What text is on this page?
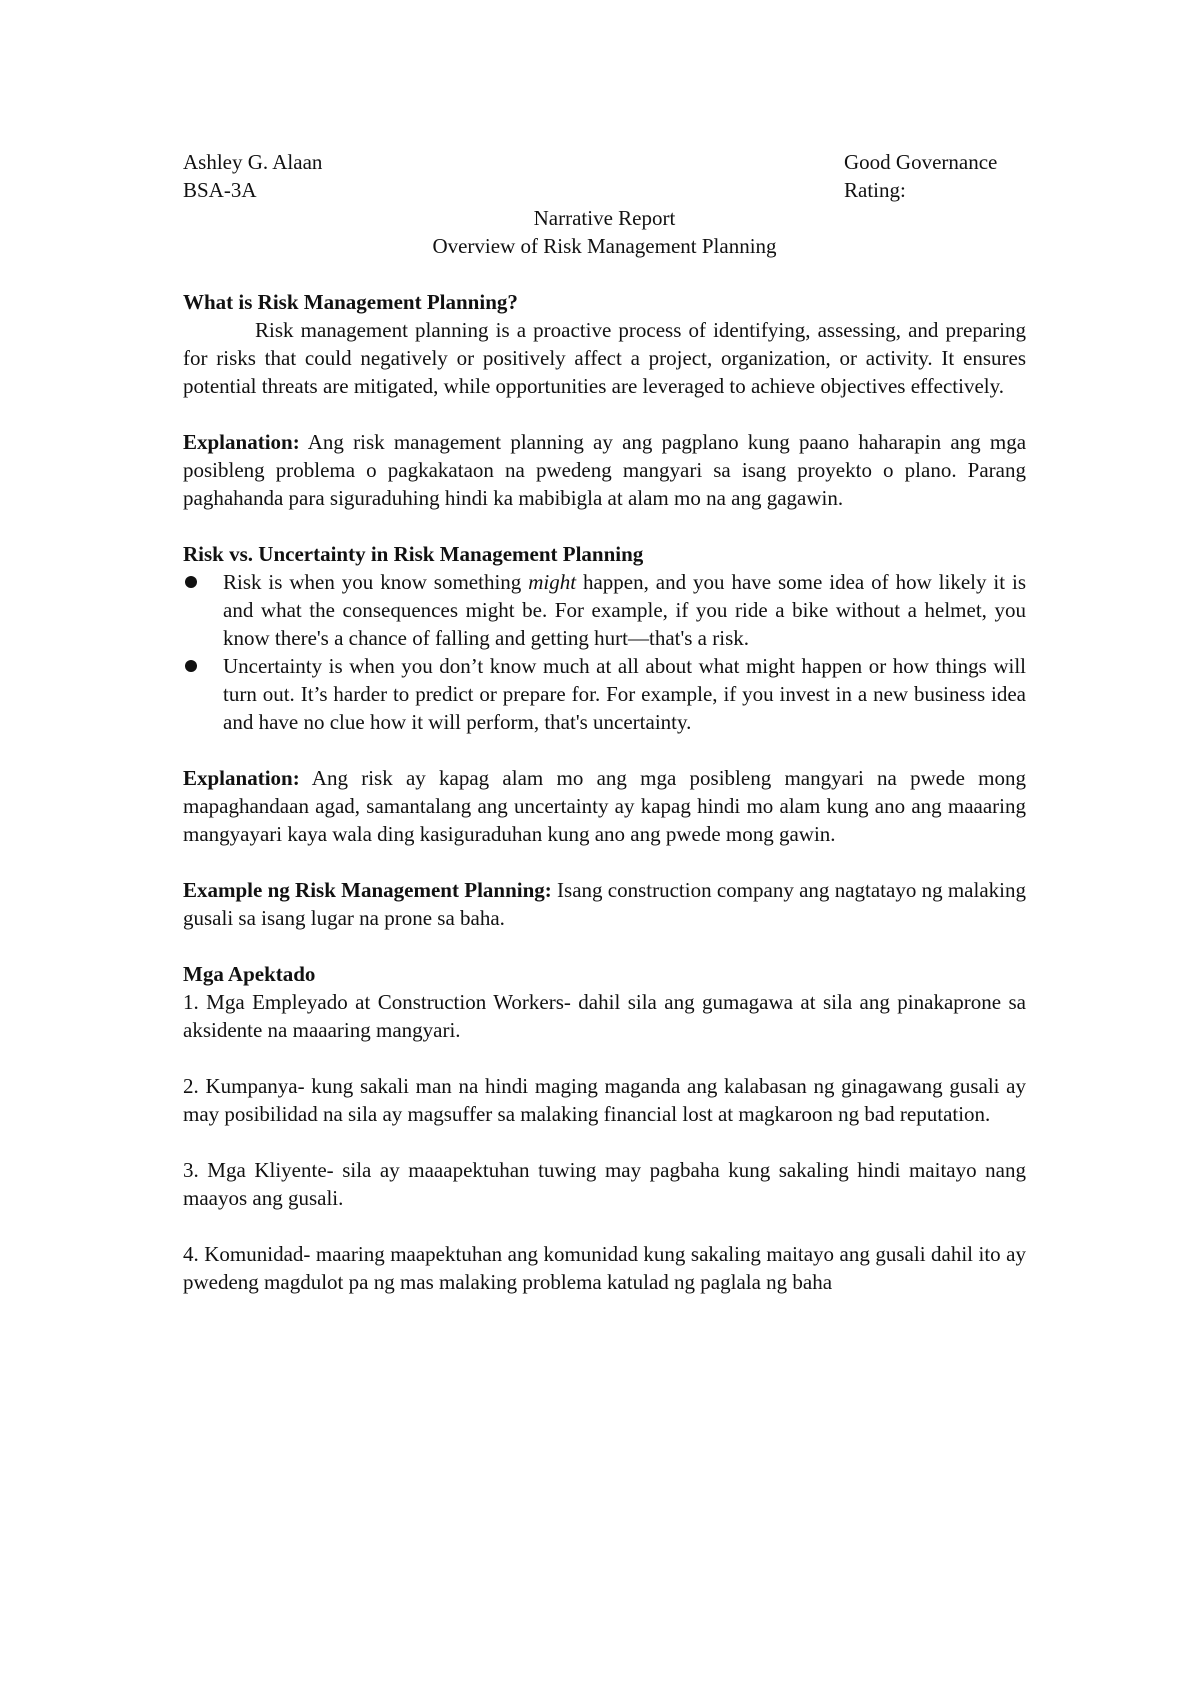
Ashley G. Alaan	Good Governance
BSA-3A	Rating:
Narrative Report
Overview of Risk Management Planning
What is Risk Management Planning?

Risk management planning is a proactive process of identifying, assessing, and preparing for risks that could negatively or positively affect a project, organization, or activity. It ensures potential threats are mitigated, while opportunities are leveraged to achieve objectives effectively.

Explanation: Ang risk management planning ay ang pagplano kung paano haharapin ang mga posibleng problema o pagkakataon na pwedeng mangyari sa isang proyekto o plano. Parang paghahanda para siguraduhing hindi ka mabibigla at alam mo na ang gagawin.

Risk vs. Uncertainty in Risk Management Planning
Risk is when you know something might happen, and you have some idea of how likely it is and what the consequences might be. For example, if you ride a bike without a helmet, you know there's a chance of falling and getting hurt—that's a risk.
Uncertainty is when you don’t know much at all about what might happen or how things will turn out. It’s harder to predict or prepare for. For example, if you invest in a new business idea and have no clue how it will perform, that's uncertainty.

Explanation: Ang risk ay kapag alam mo ang mga posibleng mangyari na pwede mong mapaghandaan agad, samantalang ang uncertainty ay kapag hindi mo alam kung ano ang maaaring mangyayari kaya wala ding kasiguraduhan kung ano ang pwede mong gawin.

Example ng Risk Management Planning: Isang construction company ang nagtatayo ng malaking gusali sa isang lugar na prone sa baha.

Mga Apektado

1. Mga Empleyado at Construction Workers- dahil sila ang gumagawa at sila ang pinakaprone sa aksidente na maaaring mangyari.

2. Kumpanya- kung sakali man na hindi maging maganda ang kalabasan ng ginagawang gusali ay may posibilidad na sila ay magsuffer sa malaking financial lost at magkaroon ng bad reputation.

3. Mga Kliyente- sila ay maaapektuhan tuwing may pagbaha kung sakaling hindi maitayo nang maayos ang gusali.

4. Komunidad- maaring maapektuhan ang komunidad kung sakaling maitayo ang gusali dahil ito ay pwedeng magdulot pa ng mas malaking problema katulad ng paglala ng baha
